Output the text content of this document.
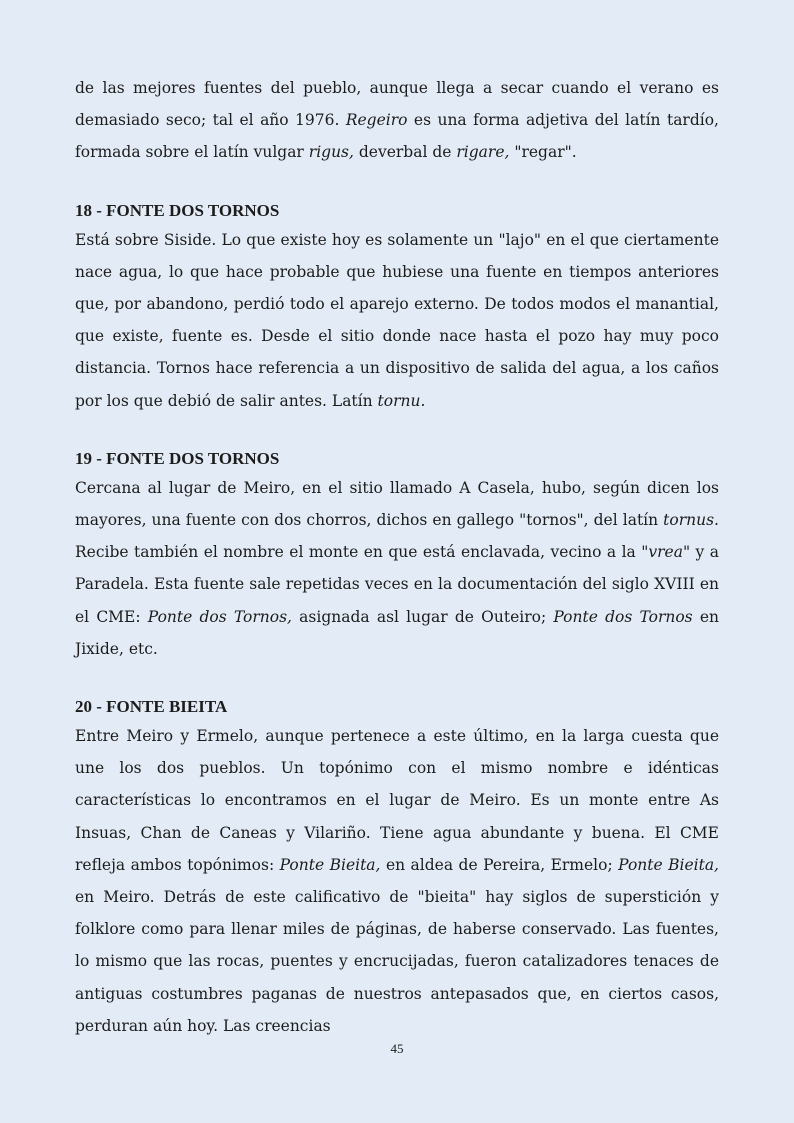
de las mejores fuentes del pueblo, aunque llega a secar cuando el verano es demasiado seco; tal el año 1976. Regeiro es una forma adjetiva del latín tardío, formada sobre el latín vulgar rigus, deverbal de rigare, "regar".

18 - FONTE DOS TORNOS

Está sobre Siside. Lo que existe hoy es solamente un "lajo" en el que ciertamente nace agua, lo que hace probable que hubiese una fuente en tiempos anteriores que, por abandono, perdió todo el aparejo externo. De todos modos el manantial, que existe, fuente es. Desde el sitio donde nace hasta el pozo hay muy poco distancia. Tornos hace referencia a un dispositivo de salida del agua, a los caños por los que debió de salir antes. Latín tornu.

19 - FONTE DOS TORNOS

Cercana al lugar de Meiro, en el sitio llamado A Casela, hubo, según dicen los mayores, una fuente con dos chorros, dichos en gallego "tornos", del latín tornus. Recibe también el nombre el monte en que está enclavada, vecino a la "vrea" y a Paradela. Esta fuente sale repetidas veces en la documentación del siglo XVIII en el CME: Ponte dos Tornos, asignada asl lugar de Outeiro; Ponte dos Tornos en Jixide, etc.

20 - FONTE BIEITA

Entre Meiro y Ermelo, aunque pertenece a este último, en la larga cuesta que une los dos pueblos. Un topónimo con el mismo nombre e idénticas características lo encontramos en el lugar de Meiro. Es un monte entre As Insuas, Chan de Caneas y Vilariño. Tiene agua abundante y buena. El CME refleja ambos topónimos: Ponte Bieita, en aldea de Pereira, Ermelo; Ponte Bieita, en Meiro. Detrás de este calificativo de "bieita" hay siglos de superstición y folklore como para llenar miles de páginas, de haberse conservado. Las fuentes, lo mismo que las rocas, puentes y encrucijadas, fueron catalizadores tenaces de antiguas costumbres paganas de nuestros antepasados que, en ciertos casos, perduran aún hoy. Las creencias

45
